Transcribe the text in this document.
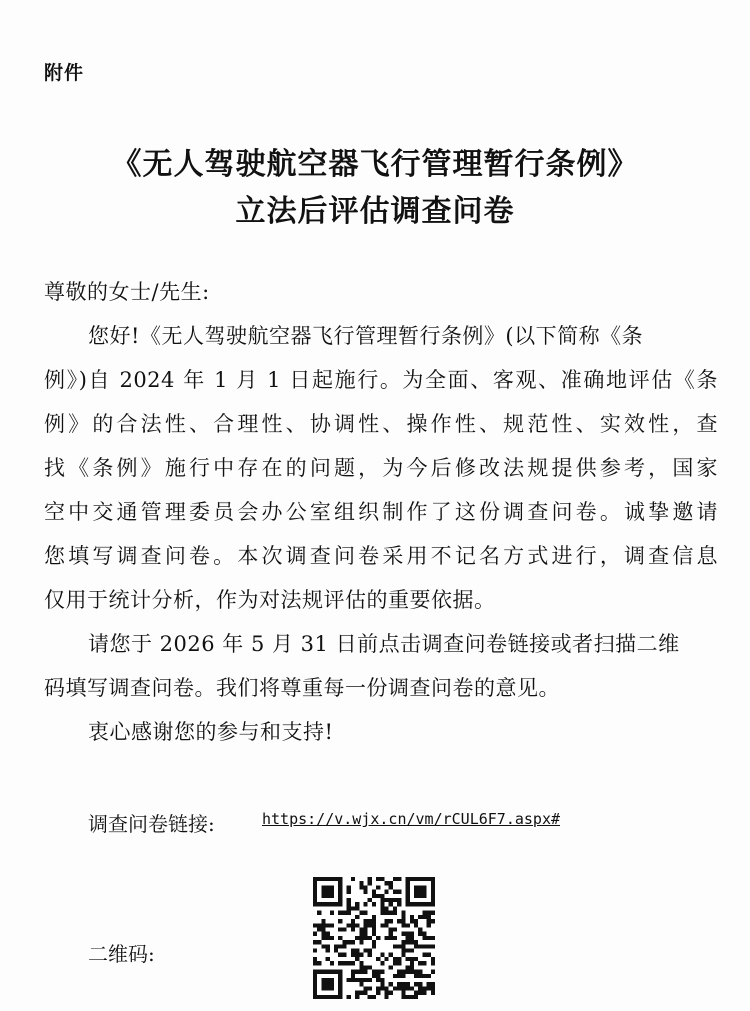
附件
《无人驾驶航空器飞行管理暂行条例》
立法后评估调查问卷
尊敬的女士/先生:
您好!《无人驾驶航空器飞行管理暂行条例》(以下简称《条
例》)自 2024 年 1 月 1 日起施行。为全面、客观、准确地评估《条
例》的合法性、合理性、协调性、操作性、规范性、实效性，查
找《条例》施行中存在的问题，为今后修改法规提供参考，国家
空中交通管理委员会办公室组织制作了这份调查问卷。诚挚邀请
您填写调查问卷。本次调查问卷采用不记名方式进行，调查信息
仅用于统计分析，作为对法规评估的重要依据。
请您于 2026 年 5 月 31 日前点击调查问卷链接或者扫描二维
码填写调查问卷。我们将尊重每一份调查问卷的意见。
衷心感谢您的参与和支持!
调查问卷链接:	https://v.wjx.cn/vm/rCUL6F7.aspx#
二维码:
